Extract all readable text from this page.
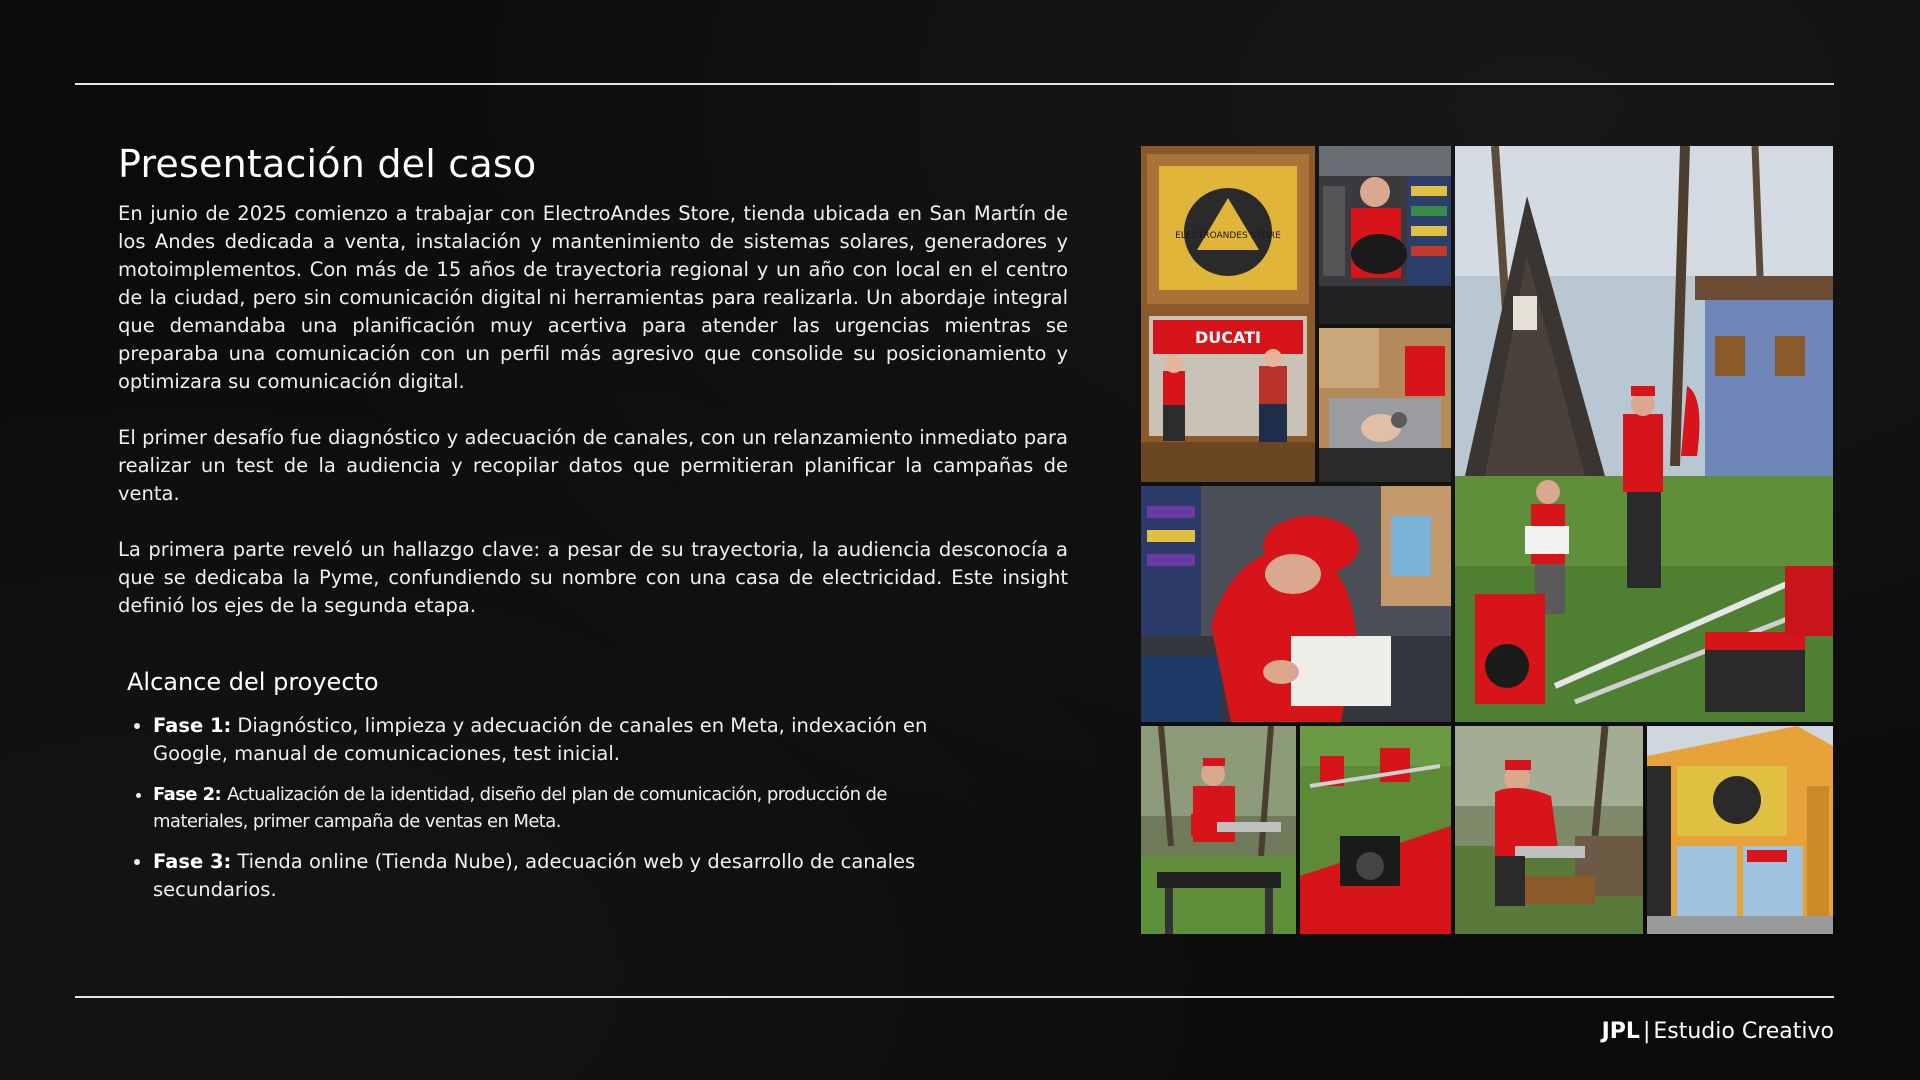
Presentación del caso

En junio de 2025 comienzo a trabajar con ElectroAndes Store, tienda ubicada en San Martín de los Andes dedicada a venta, instalación y mantenimiento de sistemas solares, generadores y motoimplementos. Con más de 15 años de trayectoria regional y un año con local en el centro de la ciudad, pero sin comunicación digital ni herramientas para realizarla. Un abordaje integral que demandaba una planificación muy acertiva para atender las urgencias mientras se preparaba una comunicación con un perfil más agresivo que consolide su posicionamiento y optimizara su comunicación digital.

El primer desafío fue diagnóstico y adecuación de canales, con un relanzamiento inmediato para realizar un test de la audiencia y recopilar datos que permitieran planificar la campañas de venta.

La primera parte reveló un hallazgo clave: a pesar de su trayectoria, la audiencia desconocía a que se dedicaba la Pyme, confundiendo su nombre con una casa de electricidad. Este insight definió los ejes de la segunda etapa.

Alcance del proyecto
• Fase 1: Diagnóstico, limpieza y adecuación de canales en Meta, indexación en Google, manual de comunicaciones, test inicial.
• Fase 2: Actualización de la identidad, diseño del plan de comunicación, producción de materiales, primer campaña de ventas en Meta.
• Fase 3: Tienda online (Tienda Nube), adecuación web y desarrollo de canales secundarios.
ELECTROANDES STORE
DUCATI
JPL | Estudio Creativo
